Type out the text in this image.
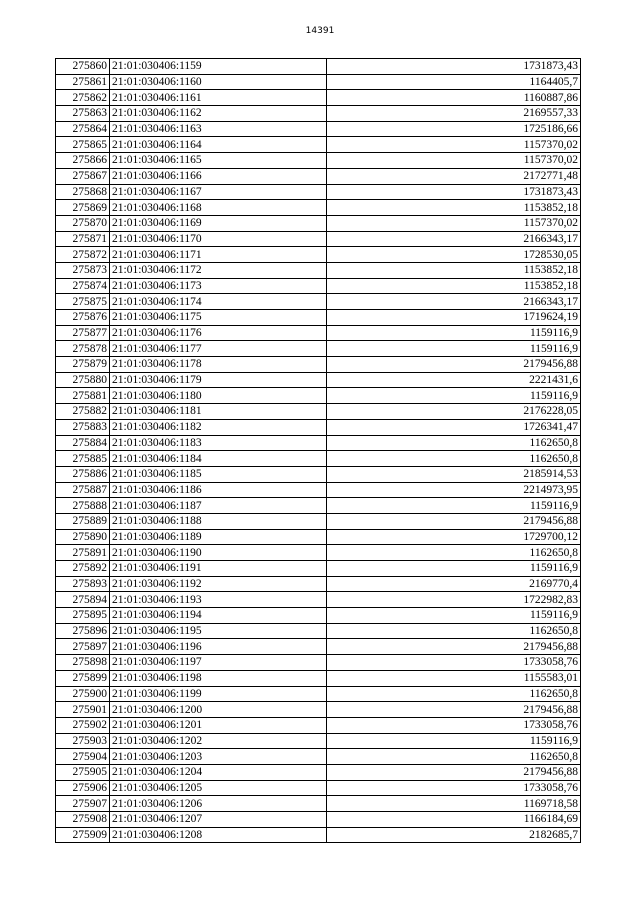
14391
275860	21:01:030406:1159	1731873,43
275861	21:01:030406:1160	1164405,7
275862	21:01:030406:1161	1160887,86
275863	21:01:030406:1162	2169557,33
275864	21:01:030406:1163	1725186,66
275865	21:01:030406:1164	1157370,02
275866	21:01:030406:1165	1157370,02
275867	21:01:030406:1166	2172771,48
275868	21:01:030406:1167	1731873,43
275869	21:01:030406:1168	1153852,18
275870	21:01:030406:1169	1157370,02
275871	21:01:030406:1170	2166343,17
275872	21:01:030406:1171	1728530,05
275873	21:01:030406:1172	1153852,18
275874	21:01:030406:1173	1153852,18
275875	21:01:030406:1174	2166343,17
275876	21:01:030406:1175	1719624,19
275877	21:01:030406:1176	1159116,9
275878	21:01:030406:1177	1159116,9
275879	21:01:030406:1178	2179456,88
275880	21:01:030406:1179	2221431,6
275881	21:01:030406:1180	1159116,9
275882	21:01:030406:1181	2176228,05
275883	21:01:030406:1182	1726341,47
275884	21:01:030406:1183	1162650,8
275885	21:01:030406:1184	1162650,8
275886	21:01:030406:1185	2185914,53
275887	21:01:030406:1186	2214973,95
275888	21:01:030406:1187	1159116,9
275889	21:01:030406:1188	2179456,88
275890	21:01:030406:1189	1729700,12
275891	21:01:030406:1190	1162650,8
275892	21:01:030406:1191	1159116,9
275893	21:01:030406:1192	2169770,4
275894	21:01:030406:1193	1722982,83
275895	21:01:030406:1194	1159116,9
275896	21:01:030406:1195	1162650,8
275897	21:01:030406:1196	2179456,88
275898	21:01:030406:1197	1733058,76
275899	21:01:030406:1198	1155583,01
275900	21:01:030406:1199	1162650,8
275901	21:01:030406:1200	2179456,88
275902	21:01:030406:1201	1733058,76
275903	21:01:030406:1202	1159116,9
275904	21:01:030406:1203	1162650,8
275905	21:01:030406:1204	2179456,88
275906	21:01:030406:1205	1733058,76
275907	21:01:030406:1206	1169718,58
275908	21:01:030406:1207	1166184,69
275909	21:01:030406:1208	2182685,7
